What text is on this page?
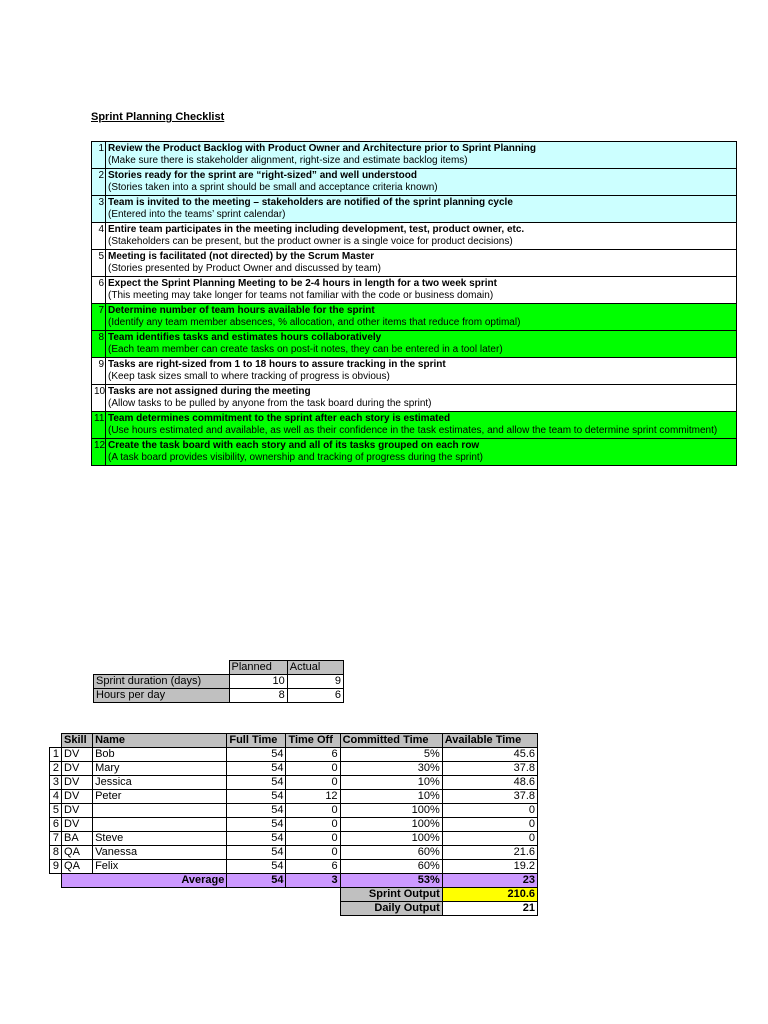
Sprint Planning Checklist
1	Review the Product Backlog with Product Owner and Architecture prior to Sprint Planning
(Make sure there is stakeholder alignment, right-size and estimate backlog items)

2	Stories ready for the sprint are “right-sized” and well understood
(Stories taken into a sprint should be small and acceptance criteria known)

3	Team is invited to the meeting – stakeholders are notified of the sprint planning cycle
(Entered into the teams’ sprint calendar)

4	Entire team participates in the meeting including development, test, product owner, etc.
(Stakeholders can be present, but the product owner is a single voice for product decisions)

5	Meeting is facilitated (not directed) by the Scrum Master
(Stories presented by Product Owner and discussed by team)

6	Expect the Sprint Planning Meeting to be 2-4 hours in length for a two week sprint
(This meeting may take longer for teams not familiar with the code or business domain)

7	Determine number of team hours available for the sprint
(Identify any team member absences, % allocation, and other items that reduce from optimal)

8	Team identifies tasks and estimates hours collaboratively
(Each team member can create tasks on post-it notes, they can be entered in a tool later)

9	Tasks are right-sized from 1 to 18 hours to assure tracking in the sprint
(Keep task sizes small to where tracking of progress is obvious)

10	Tasks are not assigned during the meeting
(Allow tasks to be pulled by anyone from the task board during the sprint)

11	Team determines commitment to the sprint after each story is estimated
(Use hours estimated and available, as well as their confidence in the task estimates, and allow the team to determine sprint commitment)

12	Create the task board with each story and all of its tasks grouped on each row
(A task board provides visibility, ownership and tracking of progress during the sprint)
	Planned	Actual
Sprint duration (days)	10	9
Hours per day	8	6
	Skill	Name	Full Time	Time Off	Committed Time	Available Time
1	DV	Bob	54	6	5%	45.6
2	DV	Mary	54	0	30%	37.8
3	DV	Jessica	54	0	10%	48.6
4	DV	Peter	54	12	10%	37.8
5	DV		54	0	100%	0
6	DV		54	0	100%	0
7	BA	Steve	54	0	100%	0
8	QA	Vanessa	54	0	60%	21.6
9	QA	Felix	54	6	60%	19.2
	Average		54	3	53%	23
					Sprint Output	210.6
					Daily Output	21
